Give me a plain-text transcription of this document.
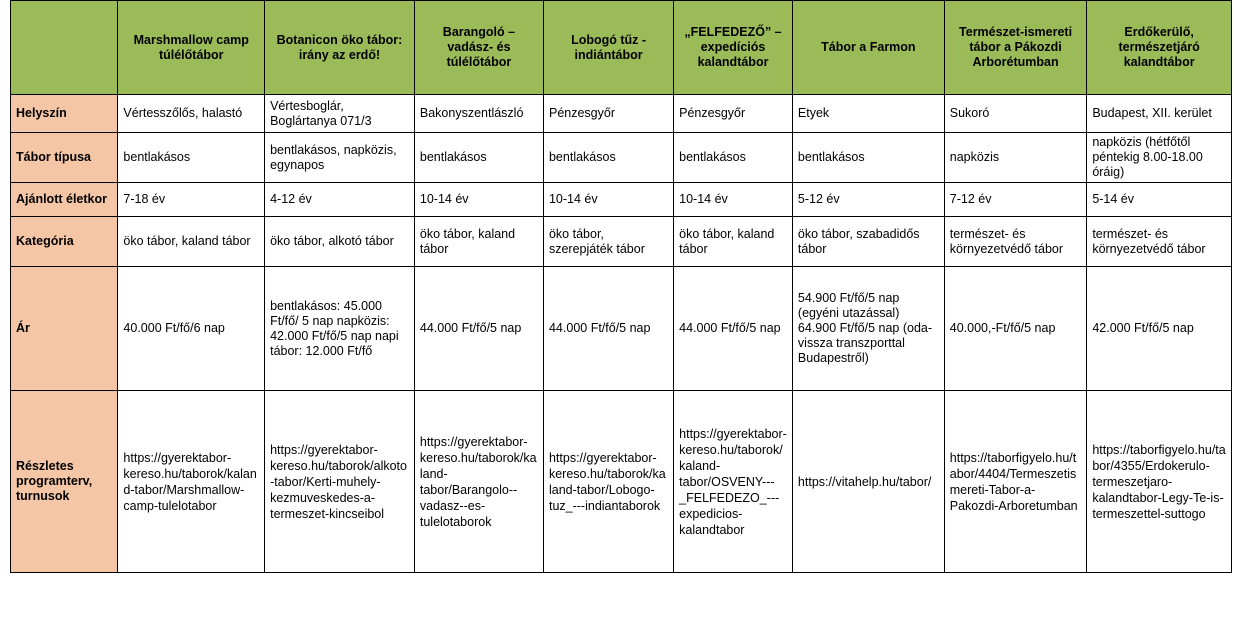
	Marshmallow camp túlélőtábor	Botanicon öko tábor: irány az erdő!	Barangoló – vadász- és túlélőtábor	Lobogó tűz - indiántábor	„FELFEDEZŐ” – expedíciós kalandtábor	Tábor a Farmon	Természet-ismereti tábor a Pákozdi Arborétumban	Erdőkerülő, természetjáró kalandtábor
Helyszín	Vértesszőlős, halastó	Vértesboglár, Boglártanya 071/3	Bakonyszentlászló	Pénzesgyőr	Pénzesgyőr	Etyek	Sukoró	Budapest, XII. kerület
Tábor típusa	bentlakásos	bentlakásos, napközis, egynapos	bentlakásos	bentlakásos	bentlakásos	bentlakásos	napközis	napközis (hétfőtől péntekig 8.00-18.00 óráig)
Ajánlott életkor	7-18 év	4-12 év	10-14 év	10-14 év	10-14 év	5-12 év	7-12 év	5-14 év
Kategória	öko tábor, kaland tábor	öko tábor, alkotó tábor	öko tábor, kaland tábor	öko tábor, szerepjáték tábor	öko tábor, kaland tábor	öko tábor, szabadidős tábor	természet- és környezetvédő tábor	természet- és környezetvédő tábor
Ár	40.000 Ft/fő/6 nap	bentlakásos: 45.000 Ft/fő/ 5 nap napközis: 42.000 Ft/fő/5 nap napi tábor: 12.000 Ft/fő	44.000 Ft/fő/5 nap	44.000 Ft/fő/5 nap	44.000 Ft/fő/5 nap	54.900 Ft/fő/5 nap (egyéni utazással) 64.900 Ft/fő/5 nap (oda-vissza transzporttal Budapestről)	40.000,-Ft/fő/5 nap	42.000 Ft/fő/5 nap
Részletes programterv, turnusok	https://gyerektabor-kereso.hu/taborok/kaland-tabor/Marshmallow-camp-tulelotabor	https://gyerektabor-kereso.hu/taborok/alkoto-tabor/Kerti-muhely-kezmuveskedes-a-termeszet-kincseibol	https://gyerektabor-kereso.hu/taborok/kaland-tabor/Barangolo--vadasz--es-tulelotaborok	https://gyerektabor-kereso.hu/taborok/kaland-tabor/Lobogo-tuz_---indiantaborok	https://gyerektabor-kereso.hu/taborok/kaland-tabor/OSVENY---_FELFEDEZO_---expedicios-kalandtabor	https://vitahelp.hu/tabor/	https://taborfigyelo.hu/tabor/4404/Termeszetismereti-Tabor-a-Pakozdi-Arboretumban	https://taborfigyelo.hu/tabor/4355/Erdokerulo-termeszetjaro-kalandtabor-Legy-Te-is-termeszettel-suttogo
